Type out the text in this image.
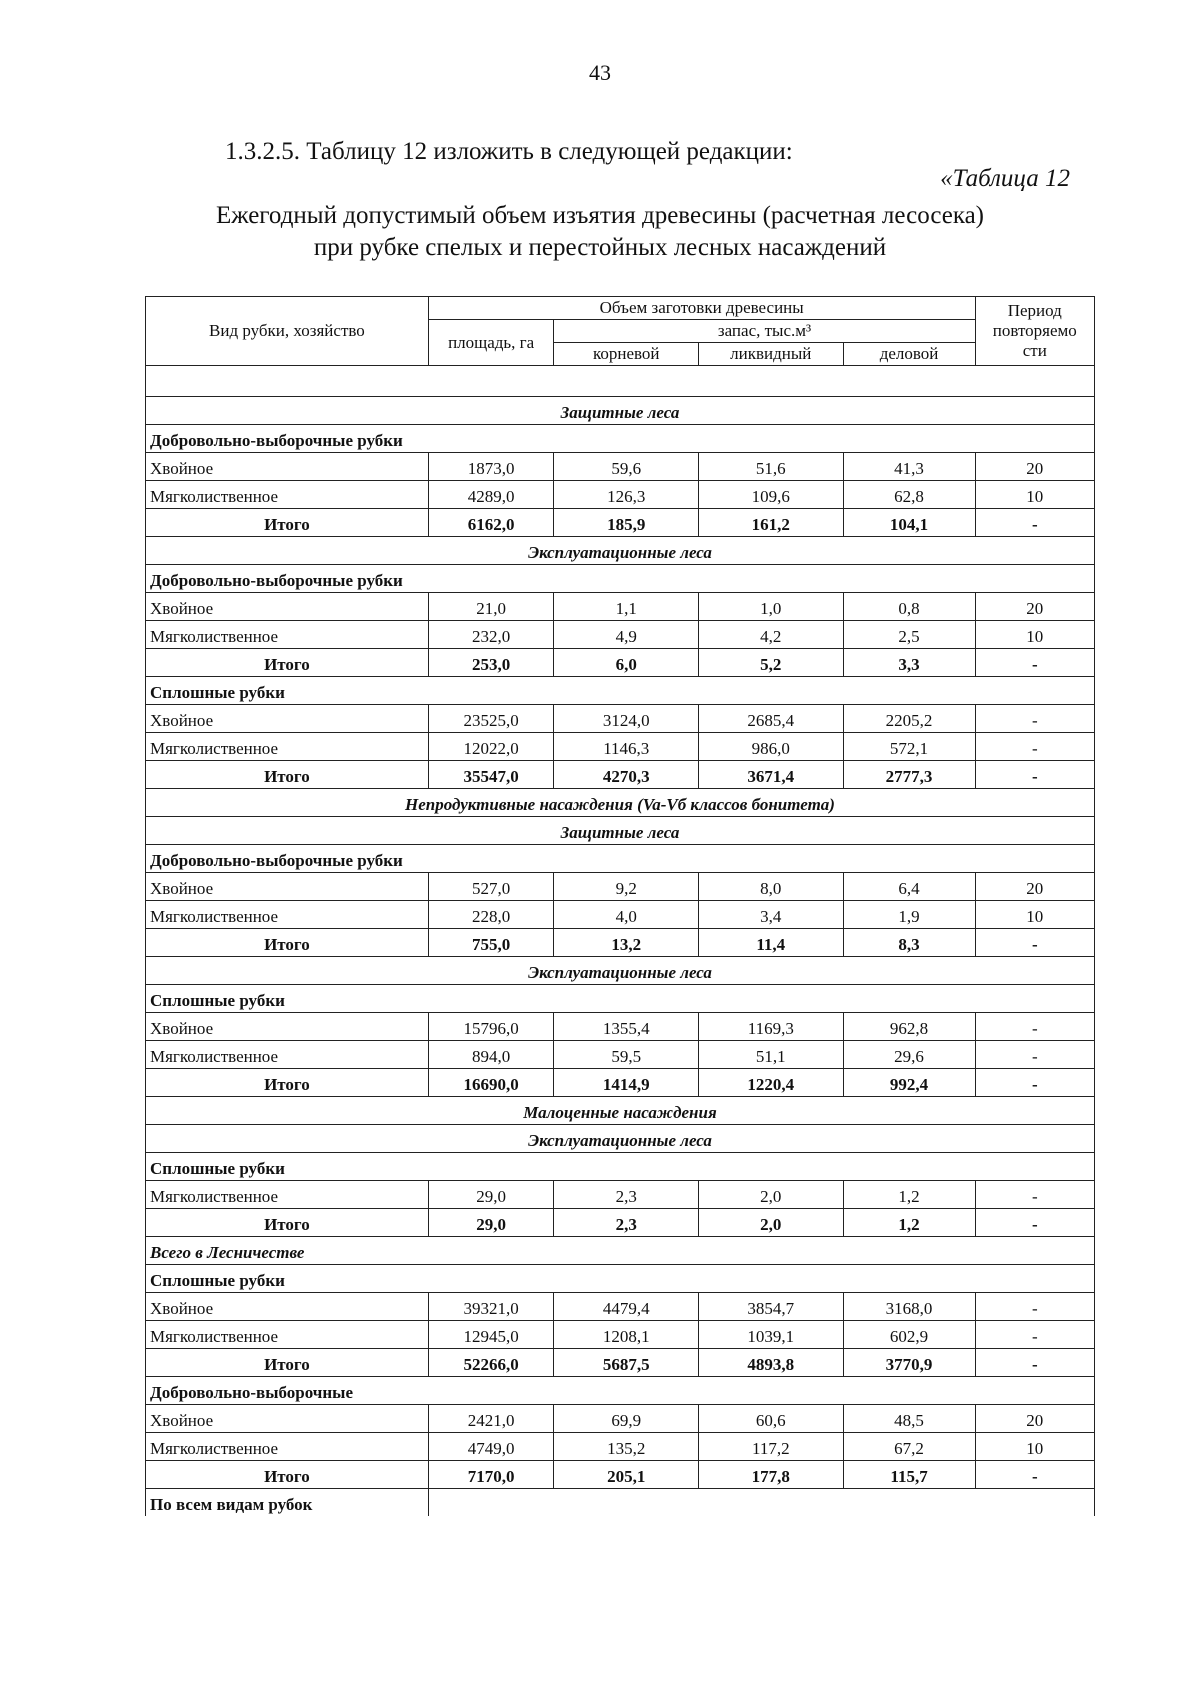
43
1.3.2.5. Таблицу 12 изложить в следующей редакции:
«Таблица 12
Ежегодный допустимый объем изъятия древесины (расчетная лесосека)
при рубке спелых и перестойных лесных насаждений
Вид рубки, хозяйство	Объем заготовки древесины				Период повторяемо сти
	площадь, га	запас, тыс.м³			
		корневой	ликвидный	деловой	

Защитные леса					
Добровольно-выборочные рубки					
Хвойное	1873,0	59,6	51,6	41,3	20
Мягколиственное	4289,0	126,3	109,6	62,8	10
Итого	6162,0	185,9	161,2	104,1	-
Эксплуатационные леса					
Добровольно-выборочные рубки					
Хвойное	21,0	1,1	1,0	0,8	20
Мягколиственное	232,0	4,9	4,2	2,5	10
Итого	253,0	6,0	5,2	3,3	-
Сплошные рубки					
Хвойное	23525,0	3124,0	2685,4	2205,2	-
Мягколиственное	12022,0	1146,3	986,0	572,1	-
Итого	35547,0	4270,3	3671,4	2777,3	-
Непродуктивные насаждения (Va-Vб классов бонитета)					
Защитные леса					
Добровольно-выборочные рубки					
Хвойное	527,0	9,2	8,0	6,4	20
Мягколиственное	228,0	4,0	3,4	1,9	10
Итого	755,0	13,2	11,4	8,3	-
Эксплуатационные леса					
Сплошные рубки					
Хвойное	15796,0	1355,4	1169,3	962,8	-
Мягколиственное	894,0	59,5	51,1	29,6	-
Итого	16690,0	1414,9	1220,4	992,4	-
Малоценные насаждения					
Эксплуатационные леса					
Сплошные рубки					
Мягколиственное	29,0	2,3	2,0	1,2	-
Итого	29,0	2,3	2,0	1,2	-
Всего в Лесничестве					
Сплошные рубки					
Хвойное	39321,0	4479,4	3854,7	3168,0	-
Мягколиственное	12945,0	1208,1	1039,1	602,9	-
Итого	52266,0	5687,5	4893,8	3770,9	-
Добровольно-выборочные					
Хвойное	2421,0	69,9	60,6	48,5	20
Мягколиственное	4749,0	135,2	117,2	67,2	10
Итого	7170,0	205,1	177,8	115,7	-
По всем видам рубок					
